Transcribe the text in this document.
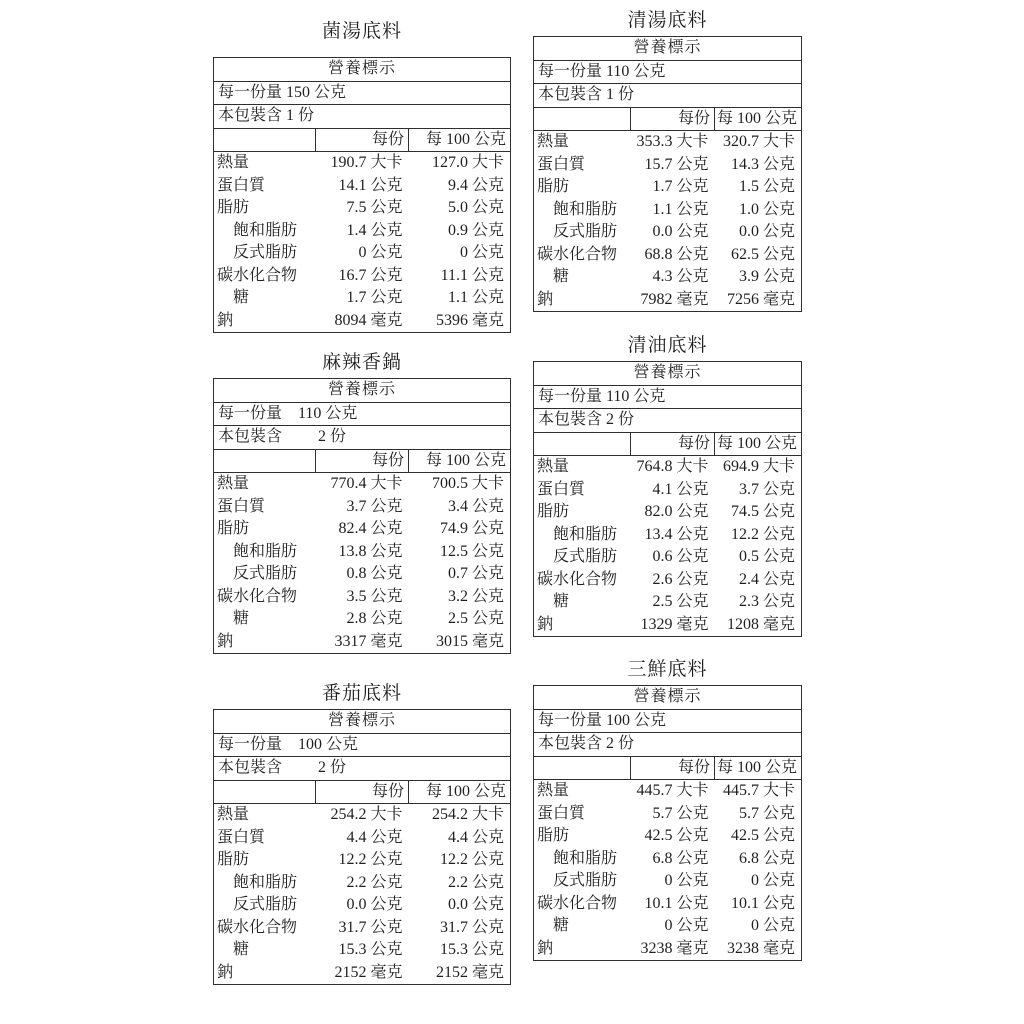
菌湯底料
營養標示		
每一份量 150 公克		
本包裝含 1 份		
	每份	每 100 公克
熱量	190.7 大卡	127.0 大卡
蛋白質	14.1 公克	9.4 公克
脂肪	7.5 公克	5.0 公克
飽和脂肪	1.4 公克	0.9 公克
反式脂肪	0 公克	0 公克
碳水化合物	16.7 公克	11.1 公克
糖	1.7 公克	1.1 公克
鈉	8094 毫克	5396 毫克
麻辣香鍋
營養標示		
每一份量　110 公克		
本包裝含　　 2 份		
	每份	每 100 公克
熱量	770.4 大卡	700.5 大卡
蛋白質	3.7 公克	3.4 公克
脂肪	82.4 公克	74.9 公克
飽和脂肪	13.8 公克	12.5 公克
反式脂肪	0.8 公克	0.7 公克
碳水化合物	3.5 公克	3.2 公克
糖	2.8 公克	2.5 公克
鈉	3317 毫克	3015 毫克
番茄底料
營養標示		
每一份量　100 公克		
本包裝含　　 2 份		
	每份	每 100 公克
熱量	254.2 大卡	254.2 大卡
蛋白質	4.4 公克	4.4 公克
脂肪	12.2 公克	12.2 公克
飽和脂肪	2.2 公克	2.2 公克
反式脂肪	0.0 公克	0.0 公克
碳水化合物	31.7 公克	31.7 公克
糖	15.3 公克	15.3 公克
鈉	2152 毫克	2152 毫克
清湯底料
營養標示		
每一份量 110 公克		
本包裝含 1 份		
	每份	每 100 公克
熱量	353.3 大卡	320.7 大卡
蛋白質	15.7 公克	14.3 公克
脂肪	1.7 公克	1.5 公克
飽和脂肪	1.1 公克	1.0 公克
反式脂肪	0.0 公克	0.0 公克
碳水化合物	68.8 公克	62.5 公克
糖	4.3 公克	3.9 公克
鈉	7982 毫克	7256 毫克
清油底料
營養標示		
每一份量 110 公克		
本包裝含 2 份		
	每份	每 100 公克
熱量	764.8 大卡	694.9 大卡
蛋白質	4.1 公克	3.7 公克
脂肪	82.0 公克	74.5 公克
飽和脂肪	13.4 公克	12.2 公克
反式脂肪	0.6 公克	0.5 公克
碳水化合物	2.6 公克	2.4 公克
糖	2.5 公克	2.3 公克
鈉	1329 毫克	1208 毫克
三鮮底料
營養標示		
每一份量 100 公克		
本包裝含 2 份		
	每份	每 100 公克
熱量	445.7 大卡	445.7 大卡
蛋白質	5.7 公克	5.7 公克
脂肪	42.5 公克	42.5 公克
飽和脂肪	6.8 公克	6.8 公克
反式脂肪	0 公克	0 公克
碳水化合物	10.1 公克	10.1 公克
糖	0 公克	0 公克
鈉	3238 毫克	3238 毫克
